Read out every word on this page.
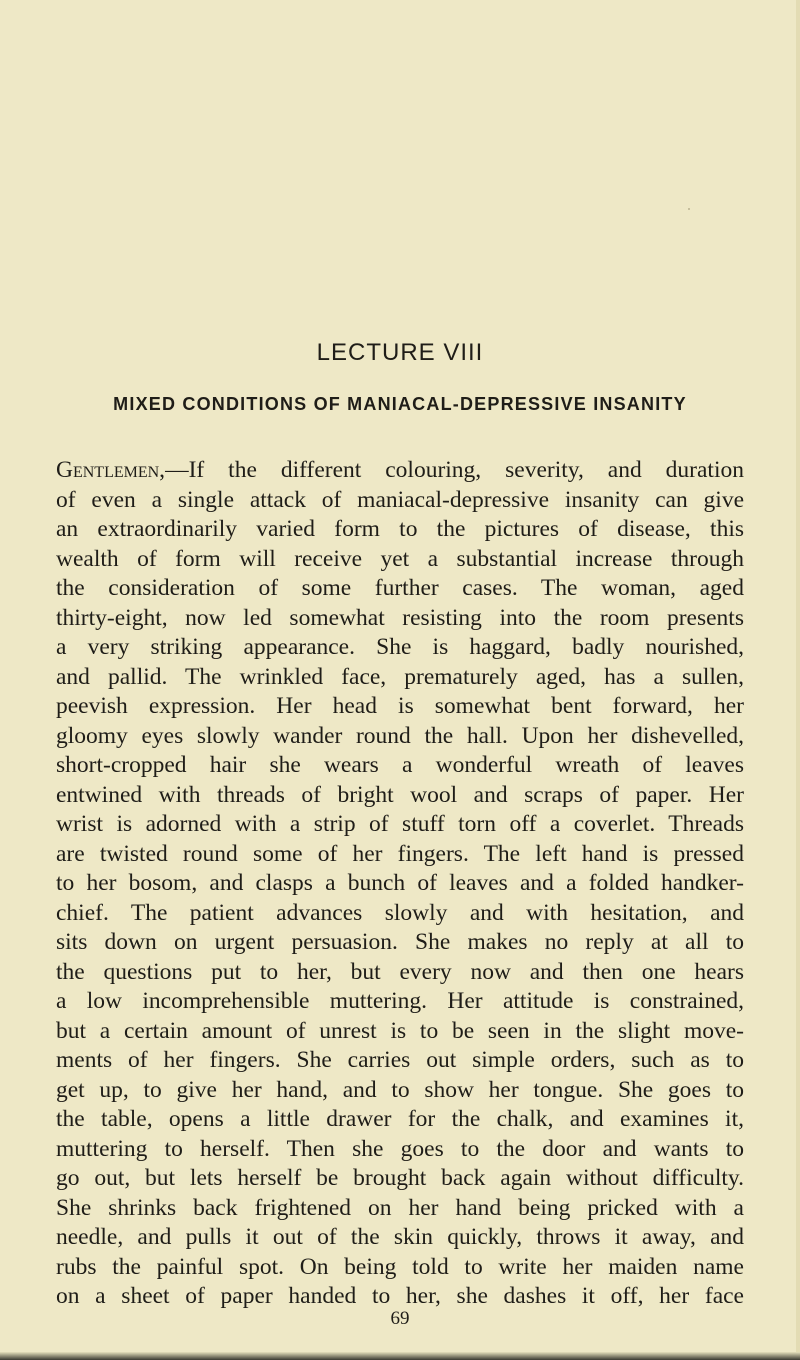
LECTURE VIII
MIXED CONDITIONS OF MANIACAL-DEPRESSIVE INSANITY
Gentlemen,—If the different colouring, severity, and duration
of even a single attack of maniacal-depressive insanity can give
an extraordinarily varied form to the pictures of disease, this
wealth of form will receive yet a substantial increase through
the consideration of some further cases. The woman, aged
thirty-eight, now led somewhat resisting into the room presents
a very striking appearance. She is haggard, badly nourished,
and pallid. The wrinkled face, prematurely aged, has a sullen,
peevish expression. Her head is somewhat bent forward, her
gloomy eyes slowly wander round the hall. Upon her dishevelled,
short-cropped hair she wears a wonderful wreath of leaves
entwined with threads of bright wool and scraps of paper. Her
wrist is adorned with a strip of stuff torn off a coverlet. Threads
are twisted round some of her fingers. The left hand is pressed
to her bosom, and clasps a bunch of leaves and a folded handker-
chief. The patient advances slowly and with hesitation, and
sits down on urgent persuasion. She makes no reply at all to
the questions put to her, but every now and then one hears
a low incomprehensible muttering. Her attitude is constrained,
but a certain amount of unrest is to be seen in the slight move-
ments of her fingers. She carries out simple orders, such as to
get up, to give her hand, and to show her tongue. She goes to
the table, opens a little drawer for the chalk, and examines it,
muttering to herself. Then she goes to the door and wants to
go out, but lets herself be brought back again without difficulty.
She shrinks back frightened on her hand being pricked with a
needle, and pulls it out of the skin quickly, throws it away, and
rubs the painful spot. On being told to write her maiden name
on a sheet of paper handed to her, she dashes it off, her face
69
